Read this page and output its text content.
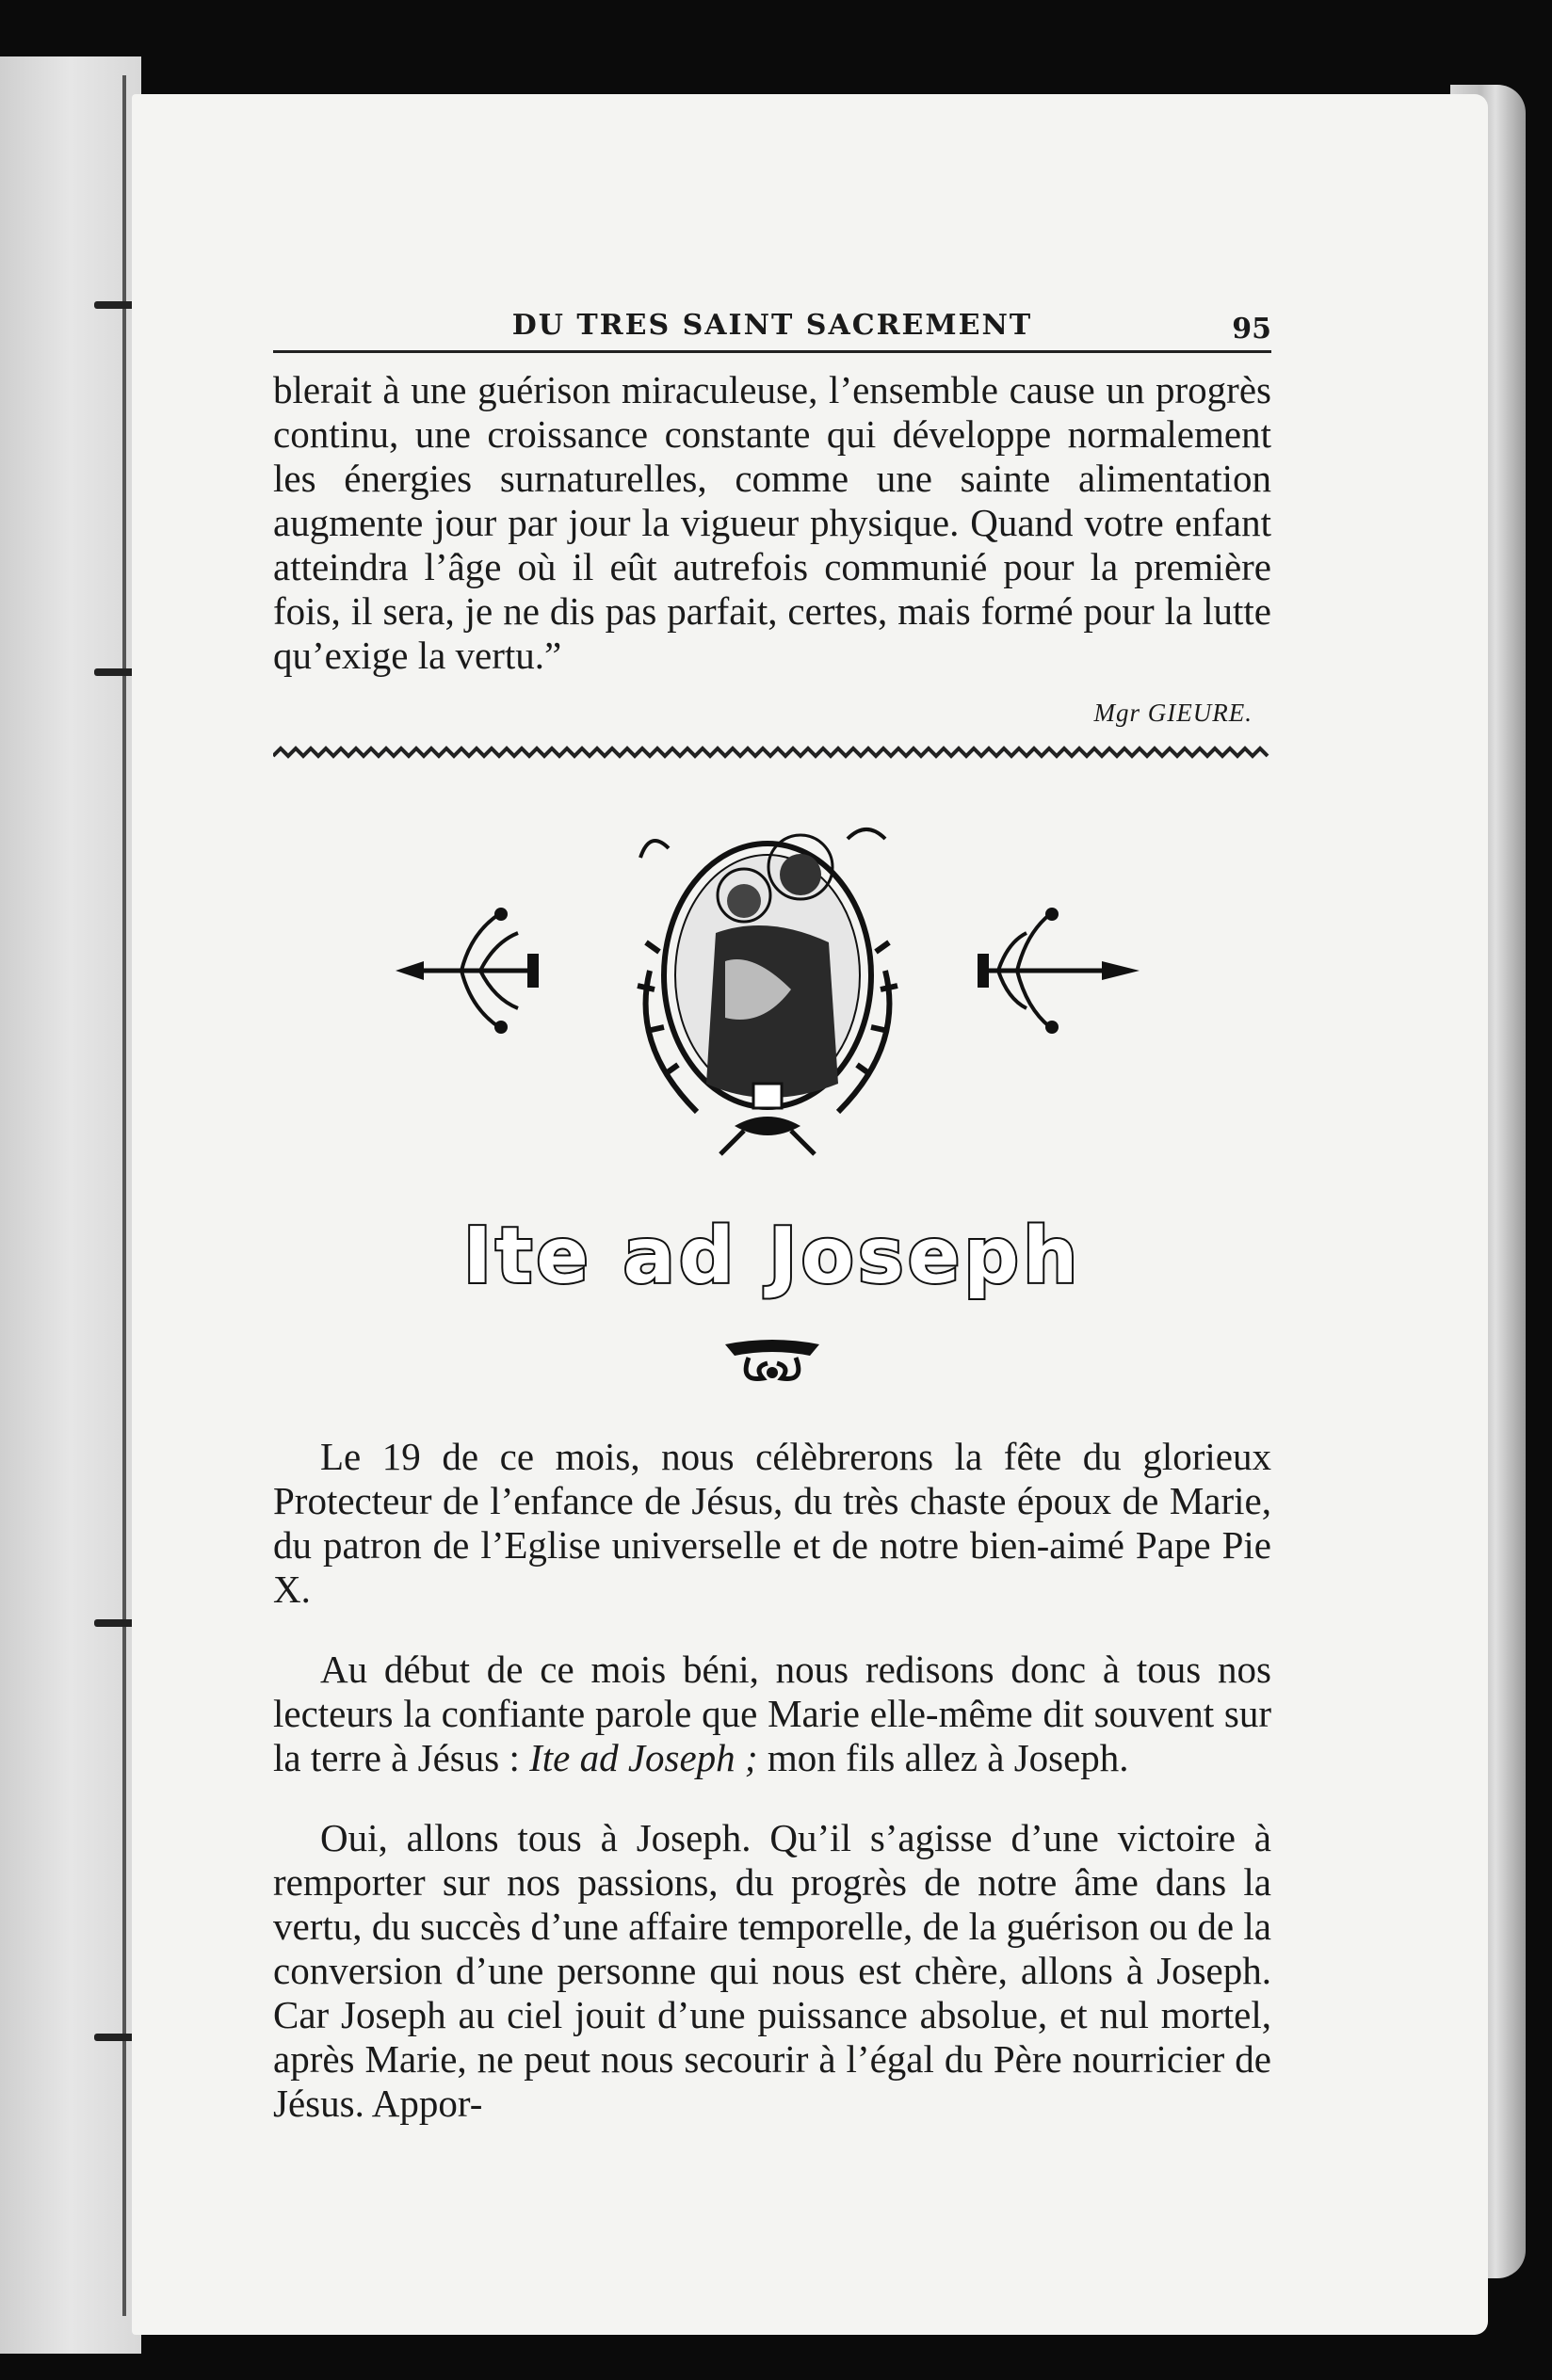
DU TRES SAINT SACREMENT	95

blerait à une guérison miraculeuse, l’ensemble cause un progrès continu, une croissance constante qui développe normalement les énergies surnaturelles, comme une sainte alimentation augmente jour par jour la vigueur physique. Quand votre enfant atteindra l’âge où il eût autrefois communié pour la première fois, il sera, je ne dis pas parfait, certes, mais formé pour la lutte qu’exige la vertu.”

Mgr GIEURE.
Ite ad Joseph

Le 19 de ce mois, nous célèbrerons la fête du glorieux Protecteur de l’enfance de Jésus, du très chaste époux de Marie, du patron de l’Eglise universelle et de notre bien-aimé Pape Pie X.

Au début de ce mois béni, nous redisons donc à tous nos lecteurs la confiante parole que Marie elle-même dit souvent sur la terre à Jésus : Ite ad Joseph ; mon fils allez à Joseph.

Oui, allons tous à Joseph. Qu’il s’agisse d’une victoire à remporter sur nos passions, du progrès de notre âme dans la vertu, du succès d’une affaire temporelle, de la guérison ou de la conversion d’une personne qui nous est chère, allons à Joseph. Car Joseph au ciel jouit d’une puissance absolue, et nul mortel, après Marie, ne peut nous secourir à l’égal du Père nourricier de Jésus. Appor-
